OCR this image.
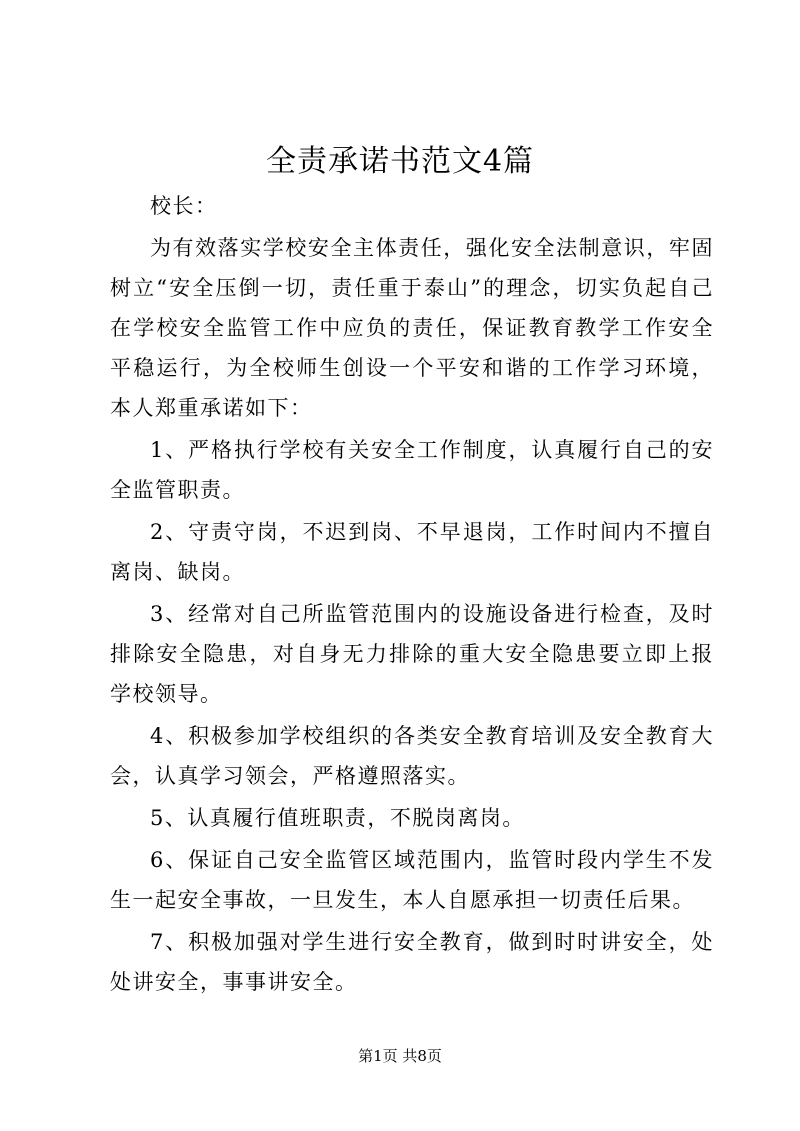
全责承诺书范文4篇

校长：

为有效落实学校安全主体责任，强化安全法制意识，牢固树立“安全压倒一切，责任重于泰山”的理念，切实负起自己在学校安全监管工作中应负的责任，保证教育教学工作安全平稳运行，为全校师生创设一个平安和谐的工作学习环境，本人郑重承诺如下：

1、严格执行学校有关安全工作制度，认真履行自己的安全监管职责。

2、守责守岗，不迟到岗、不早退岗，工作时间内不擅自离岗、缺岗。

3、经常对自己所监管范围内的设施设备进行检查，及时排除安全隐患，对自身无力排除的重大安全隐患要立即上报学校领导。

4、积极参加学校组织的各类安全教育培训及安全教育大会，认真学习领会，严格遵照落实。

5、认真履行值班职责，不脱岗离岗。

6、保证自己安全监管区域范围内，监管时段内学生不发生一起安全事故，一旦发生，本人自愿承担一切责任后果。

7、积极加强对学生进行安全教育，做到时时讲安全，处处讲安全，事事讲安全。

第1页 共8页
